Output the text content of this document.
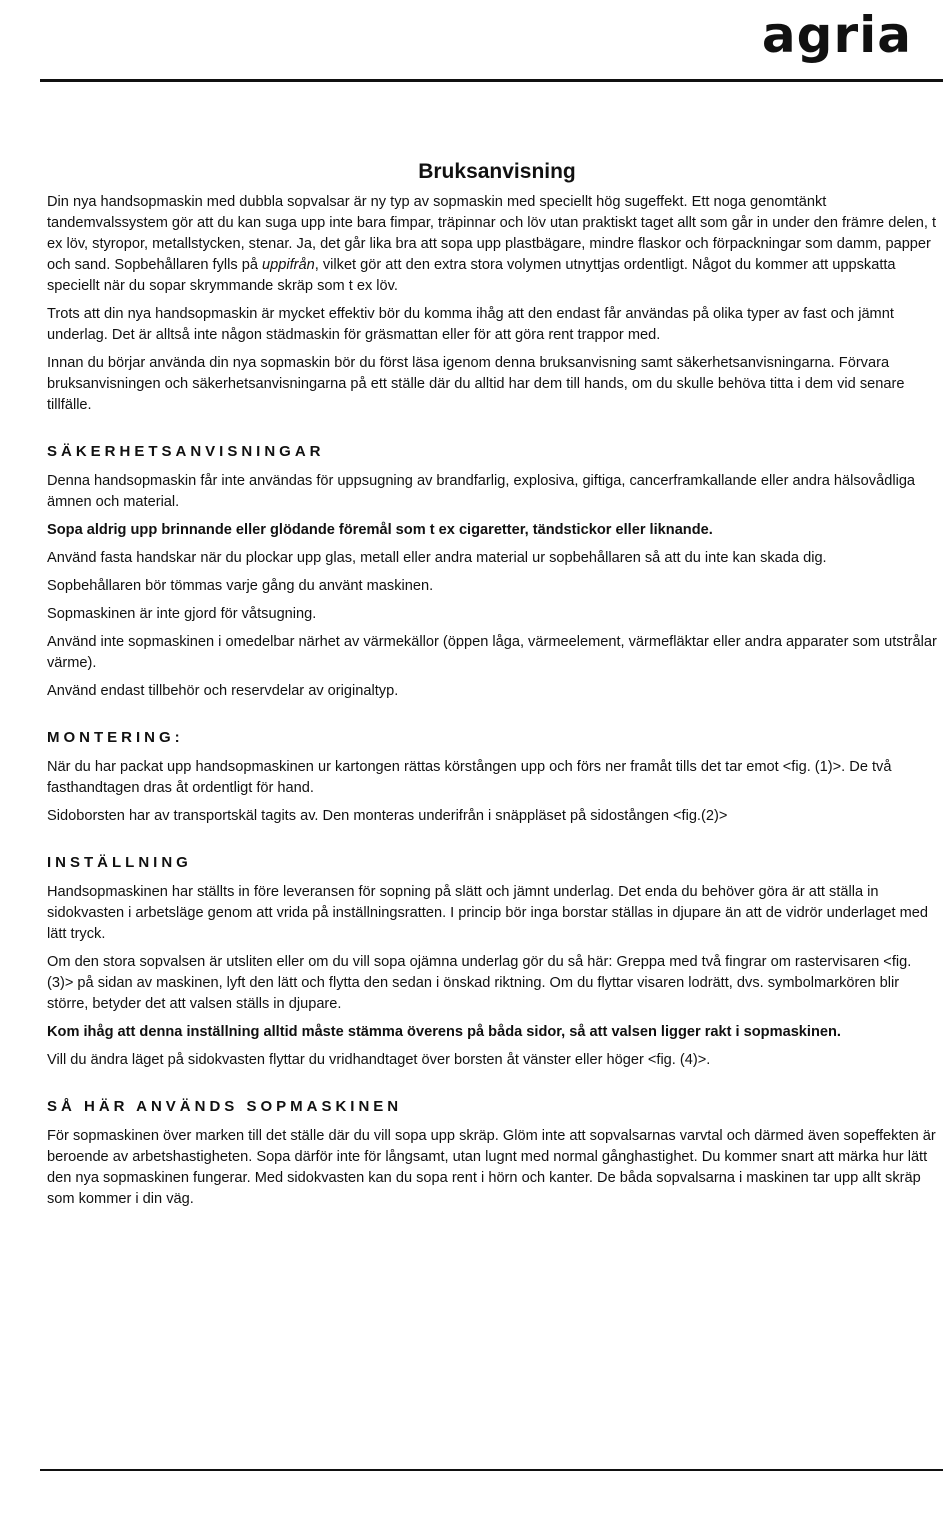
agria
Bruksanvisning

Din nya handsopmaskin med dubbla sopvalsar är ny typ av sopmaskin med speciellt hög sugeffekt. Ett noga genomtänkt tandemvalssystem gör att du kan suga upp inte bara fimpar, träpinnar och löv utan praktiskt taget allt som går in under den främre delen, t ex löv, styropor, metallstycken, stenar. Ja, det går lika bra att sopa upp plastbägare, mindre flaskor och förpackningar som damm, papper och sand. Sopbehållaren fylls på uppifrån, vilket gör att den extra stora volymen utnyttjas ordentligt. Något du kommer att uppskatta speciellt när du sopar skrymmande skräp som t ex löv.

Trots att din nya handsopmaskin är mycket effektiv bör du komma ihåg att den endast får användas på olika typer av fast och jämnt underlag. Det är alltså inte någon städmaskin för gräsmattan eller för att göra rent trappor med.

Innan du börjar använda din nya sopmaskin bör du först läsa igenom denna bruksanvisning samt säkerhetsanvisningarna. Förvara bruksanvisningen och säkerhetsanvisningarna på ett ställe där du alltid har dem till hands, om du skulle behöva titta i dem vid senare tillfälle.

SÄKERHETSANVISNINGAR

Denna handsopmaskin får inte användas för uppsugning av brandfarlig, explosiva, giftiga, cancerframkallande eller andra hälsovådliga ämnen och material.

Sopa aldrig upp brinnande eller glödande föremål som t ex cigaretter, tändstickor eller liknande.

Använd fasta handskar när du plockar upp glas, metall eller andra material ur sopbehållaren så att du inte kan skada dig.

Sopbehållaren bör tömmas varje gång du använt maskinen.

Sopmaskinen är inte gjord för våtsugning.

Använd inte sopmaskinen i omedelbar närhet av värmekällor (öppen låga, värmeelement, värmefläktar eller andra apparater som utstrålar värme).

Använd endast tillbehör och reservdelar av originaltyp.

MONTERING:

När du har packat upp handsopmaskinen ur kartongen rättas körstången upp och förs ner framåt tills det tar emot <fig. (1)>. De två fasthandtagen dras åt ordentligt för hand.

Sidoborsten har av transportskäl tagits av. Den monteras underifrån i snäppläset på sidostången <fig.(2)>

INSTÄLLNING

Handsopmaskinen har ställts in före leveransen för sopning på slätt och jämnt underlag. Det enda du behöver göra är att ställa in sidokvasten i arbetsläge genom att vrida på inställningsratten. I princip bör inga borstar ställas in djupare än att de vidrör underlaget med lätt tryck.

Om den stora sopvalsen är utsliten eller om du vill sopa ojämna underlag gör du så här: Greppa med två fingrar om rastervisaren <fig. (3)> på sidan av maskinen, lyft den lätt och flytta den sedan i önskad riktning. Om du flyttar visaren lodrätt, dvs. symbolmarkören blir större, betyder det att valsen ställs in djupare.

Kom ihåg att denna inställning alltid måste stämma överens på båda sidor, så att valsen ligger rakt i sopmaskinen.

Vill du ändra läget på sidokvasten flyttar du vridhandtaget över borsten åt vänster eller höger <fig. (4)>.

SÅ HÄR ANVÄNDS SOPMASKINEN

För sopmaskinen över marken till det ställe där du vill sopa upp skräp. Glöm inte att sopvalsarnas varvtal och därmed även sopeffekten är beroende av arbetshastigheten. Sopa därför inte för långsamt, utan lugnt med normal gånghastighet. Du kommer snart att märka hur lätt den nya sopmaskinen fungerar. Med sidokvasten kan du sopa rent i hörn och kanter. De båda sopvalsarna i maskinen tar upp allt skräp som kommer i din väg.
